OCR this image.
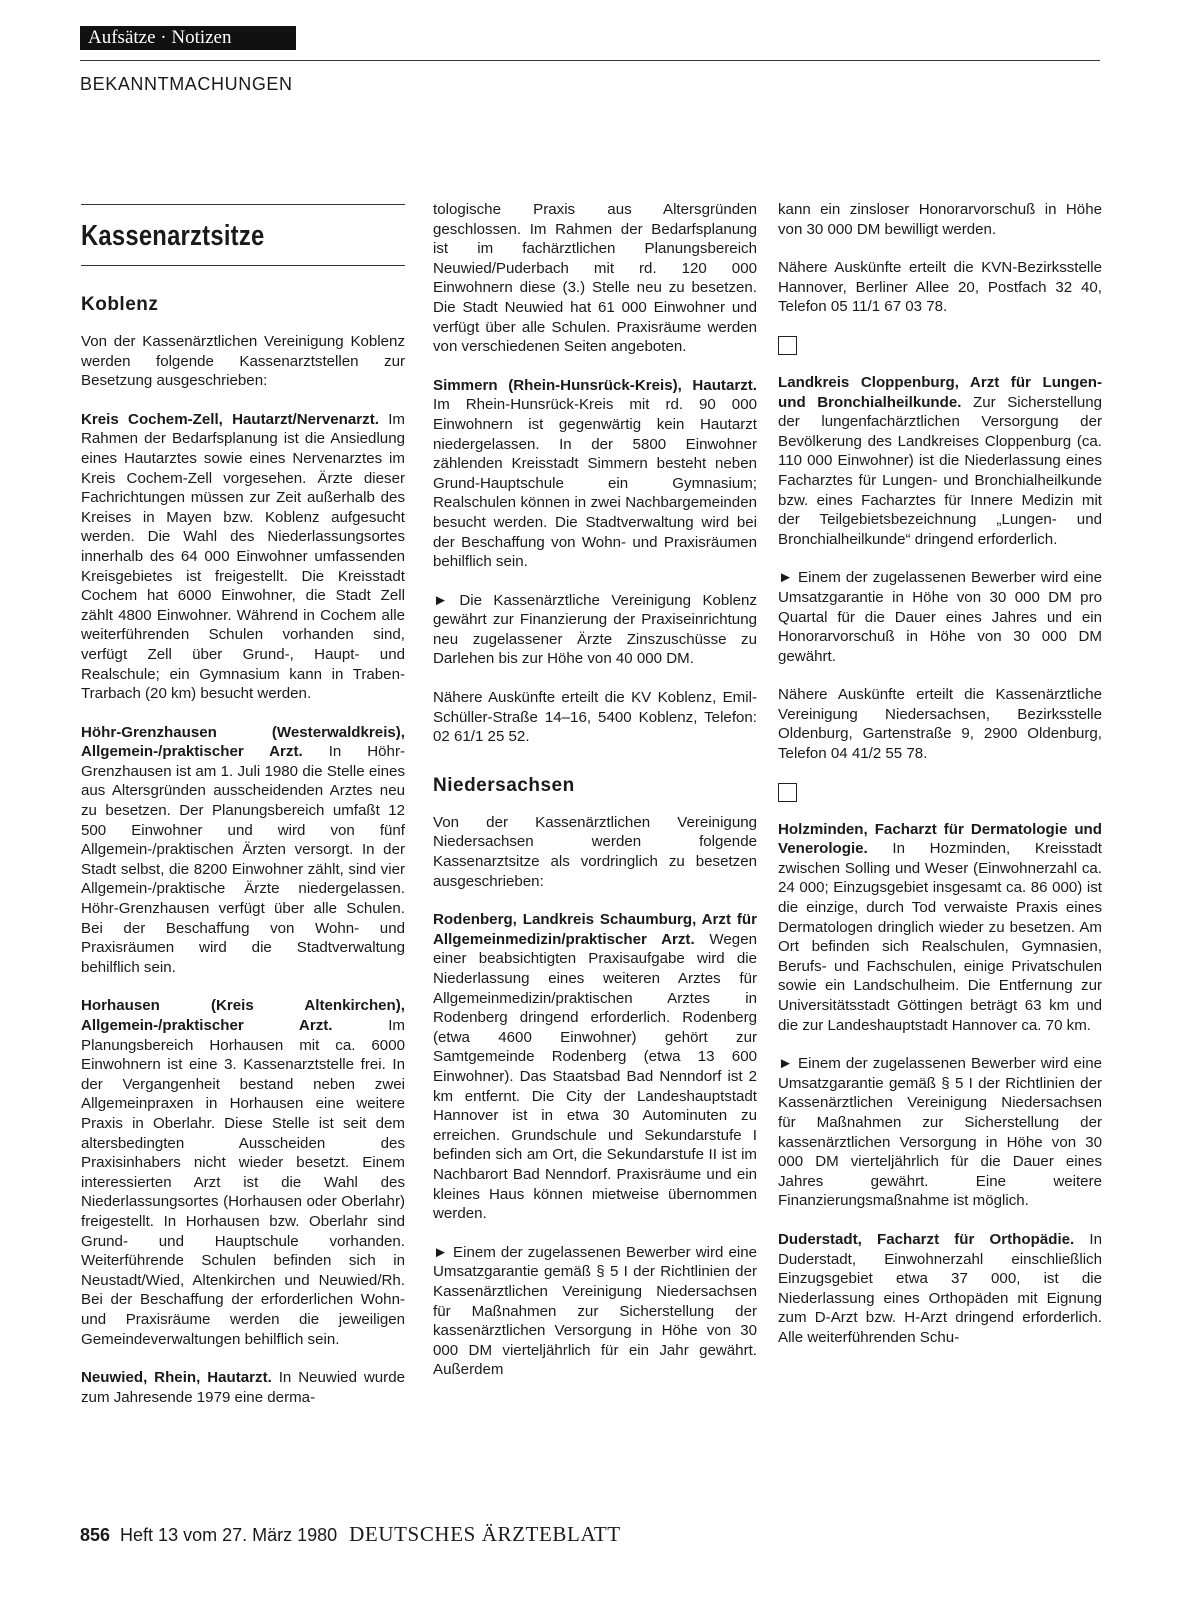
Aufsätze · Notizen
BEKANNTMACHUNGEN
Kassenarztsitze
Koblenz

Von der Kassenärztlichen Vereinigung Koblenz werden folgende Kassenarztstellen zur Besetzung ausgeschrieben:

Kreis Cochem-Zell, Hautarzt/Nervenarzt. Im Rahmen der Bedarfsplanung ist die Ansiedlung eines Hautarztes sowie eines Nervenarztes im Kreis Cochem-Zell vorgesehen. Ärzte dieser Fachrichtungen müssen zur Zeit außerhalb des Kreises in Mayen bzw. Koblenz aufgesucht werden. Die Wahl des Niederlassungsortes innerhalb des 64 000 Einwohner umfassenden Kreisgebietes ist freigestellt. Die Kreisstadt Cochem hat 6000 Einwohner, die Stadt Zell zählt 4800 Einwohner. Während in Cochem alle weiterführenden Schulen vorhanden sind, verfügt Zell über Grund-, Haupt- und Realschule; ein Gymnasium kann in Traben-Trarbach (20 km) besucht werden.

Höhr-Grenzhausen (Westerwaldkreis), Allgemein-/praktischer Arzt. In Höhr-Grenzhausen ist am 1. Juli 1980 die Stelle eines aus Altersgründen ausscheidenden Arztes neu zu besetzen. Der Planungsbereich umfaßt 12 500 Einwohner und wird von fünf Allgemein-/praktischen Ärzten versorgt. In der Stadt selbst, die 8200 Einwohner zählt, sind vier Allgemein-/praktische Ärzte niedergelassen. Höhr-Grenzhausen verfügt über alle Schulen. Bei der Beschaffung von Wohn- und Praxisräumen wird die Stadtverwaltung behilflich sein.

Horhausen (Kreis Altenkirchen), Allgemein-/praktischer Arzt. Im Planungsbereich Horhausen mit ca. 6000 Einwohnern ist eine 3. Kassenarztstelle frei. In der Vergangenheit bestand neben zwei Allgemeinpraxen in Horhausen eine weitere Praxis in Oberlahr. Diese Stelle ist seit dem altersbedingten Ausscheiden des Praxisinhabers nicht wieder besetzt. Einem interessierten Arzt ist die Wahl des Niederlassungsortes (Horhausen oder Oberlahr) freigestellt. In Horhausen bzw. Oberlahr sind Grund- und Hauptschule vorhanden. Weiterführende Schulen befinden sich in Neustadt/Wied, Altenkirchen und Neuwied/Rh. Bei der Beschaffung der erforderlichen Wohn- und Praxisräume werden die jeweiligen Gemeindeverwaltungen behilflich sein.

Neuwied, Rhein, Hautarzt. In Neuwied wurde zum Jahresende 1979 eine derma-

tologische Praxis aus Altersgründen geschlossen. Im Rahmen der Bedarfsplanung ist im fachärztlichen Planungsbereich Neuwied/Puderbach mit rd. 120 000 Einwohnern diese (3.) Stelle neu zu besetzen. Die Stadt Neuwied hat 61 000 Einwohner und verfügt über alle Schulen. Praxisräume werden von verschiedenen Seiten angeboten.

Simmern (Rhein-Hunsrück-Kreis), Hautarzt. Im Rhein-Hunsrück-Kreis mit rd. 90 000 Einwohnern ist gegenwärtig kein Hautarzt niedergelassen. In der 5800 Einwohner zählenden Kreisstadt Simmern besteht neben Grund-Hauptschule ein Gymnasium; Realschulen können in zwei Nachbargemeinden besucht werden. Die Stadtverwaltung wird bei der Beschaffung von Wohn- und Praxisräumen behilflich sein.

► Die Kassenärztliche Vereinigung Koblenz gewährt zur Finanzierung der Praxiseinrichtung neu zugelassener Ärzte Zinszuschüsse zu Darlehen bis zur Höhe von 40 000 DM.

Nähere Auskünfte erteilt die KV Koblenz, Emil-Schüller-Straße 14–16, 5400 Koblenz, Telefon: 02 61/1 25 52.

Niedersachsen

Von der Kassenärztlichen Vereinigung Niedersachsen werden folgende Kassenarztsitze als vordringlich zu besetzen ausgeschrieben:

Rodenberg, Landkreis Schaumburg, Arzt für Allgemeinmedizin/praktischer Arzt. Wegen einer beabsichtigten Praxisaufgabe wird die Niederlassung eines weiteren Arztes für Allgemeinmedizin/praktischen Arztes in Rodenberg dringend erforderlich. Rodenberg (etwa 4600 Einwohner) gehört zur Samtgemeinde Rodenberg (etwa 13 600 Einwohner). Das Staatsbad Bad Nenndorf ist 2 km entfernt. Die City der Landeshauptstadt Hannover ist in etwa 30 Autominuten zu erreichen. Grundschule und Sekundarstufe I befinden sich am Ort, die Sekundarstufe II ist im Nachbarort Bad Nenndorf. Praxisräume und ein kleines Haus können mietweise übernommen werden.

► Einem der zugelassenen Bewerber wird eine Umsatzgarantie gemäß § 5 I der Richtlinien der Kassenärztlichen Vereinigung Niedersachsen für Maßnahmen zur Sicherstellung der kassenärztlichen Versorgung in Höhe von 30 000 DM vierteljährlich für ein Jahr gewährt. Außerdem

kann ein zinsloser Honorarvorschuß in Höhe von 30 000 DM bewilligt werden.

Nähere Auskünfte erteilt die KVN-Bezirksstelle Hannover, Berliner Allee 20, Postfach 32 40, Telefon 05 11/1 67 03 78.

Landkreis Cloppenburg, Arzt für Lungen- und Bronchialheilkunde. Zur Sicherstellung der lungenfachärztlichen Versorgung der Bevölkerung des Landkreises Cloppenburg (ca. 110 000 Einwohner) ist die Niederlassung eines Facharztes für Lungen- und Bronchialheilkunde bzw. eines Facharztes für Innere Medizin mit der Teilgebietsbezeichnung „Lungen- und Bronchialheilkunde“ dringend erforderlich.

► Einem der zugelassenen Bewerber wird eine Umsatzgarantie in Höhe von 30 000 DM pro Quartal für die Dauer eines Jahres und ein Honorarvorschuß in Höhe von 30 000 DM gewährt.

Nähere Auskünfte erteilt die Kassenärztliche Vereinigung Niedersachsen, Bezirksstelle Oldenburg, Gartenstraße 9, 2900 Oldenburg, Telefon 04 41/2 55 78.

Holzminden, Facharzt für Dermatologie und Venerologie. In Hozminden, Kreisstadt zwischen Solling und Weser (Einwohnerzahl ca. 24 000; Einzugsgebiet insgesamt ca. 86 000) ist die einzige, durch Tod verwaiste Praxis eines Dermatologen dringlich wieder zu besetzen. Am Ort befinden sich Realschulen, Gymnasien, Berufs- und Fachschulen, einige Privatschulen sowie ein Landschulheim. Die Entfernung zur Universitätsstadt Göttingen beträgt 63 km und die zur Landeshauptstadt Hannover ca. 70 km.

► Einem der zugelassenen Bewerber wird eine Umsatzgarantie gemäß § 5 I der Richtlinien der Kassenärztlichen Vereinigung Niedersachsen für Maßnahmen zur Sicherstellung der kassenärztlichen Versorgung in Höhe von 30 000 DM vierteljährlich für die Dauer eines Jahres gewährt. Eine weitere Finanzierungsmaßnahme ist möglich.

Duderstadt, Facharzt für Orthopädie. In Duderstadt, Einwohnerzahl einschließlich Einzugsgebiet etwa 37 000, ist die Niederlassung eines Orthopäden mit Eignung zum D-Arzt bzw. H-Arzt dringend erforderlich. Alle weiterführenden Schu-

856 Heft 13 vom 27. März 1980 DEUTSCHES ÄRZTEBLATT
